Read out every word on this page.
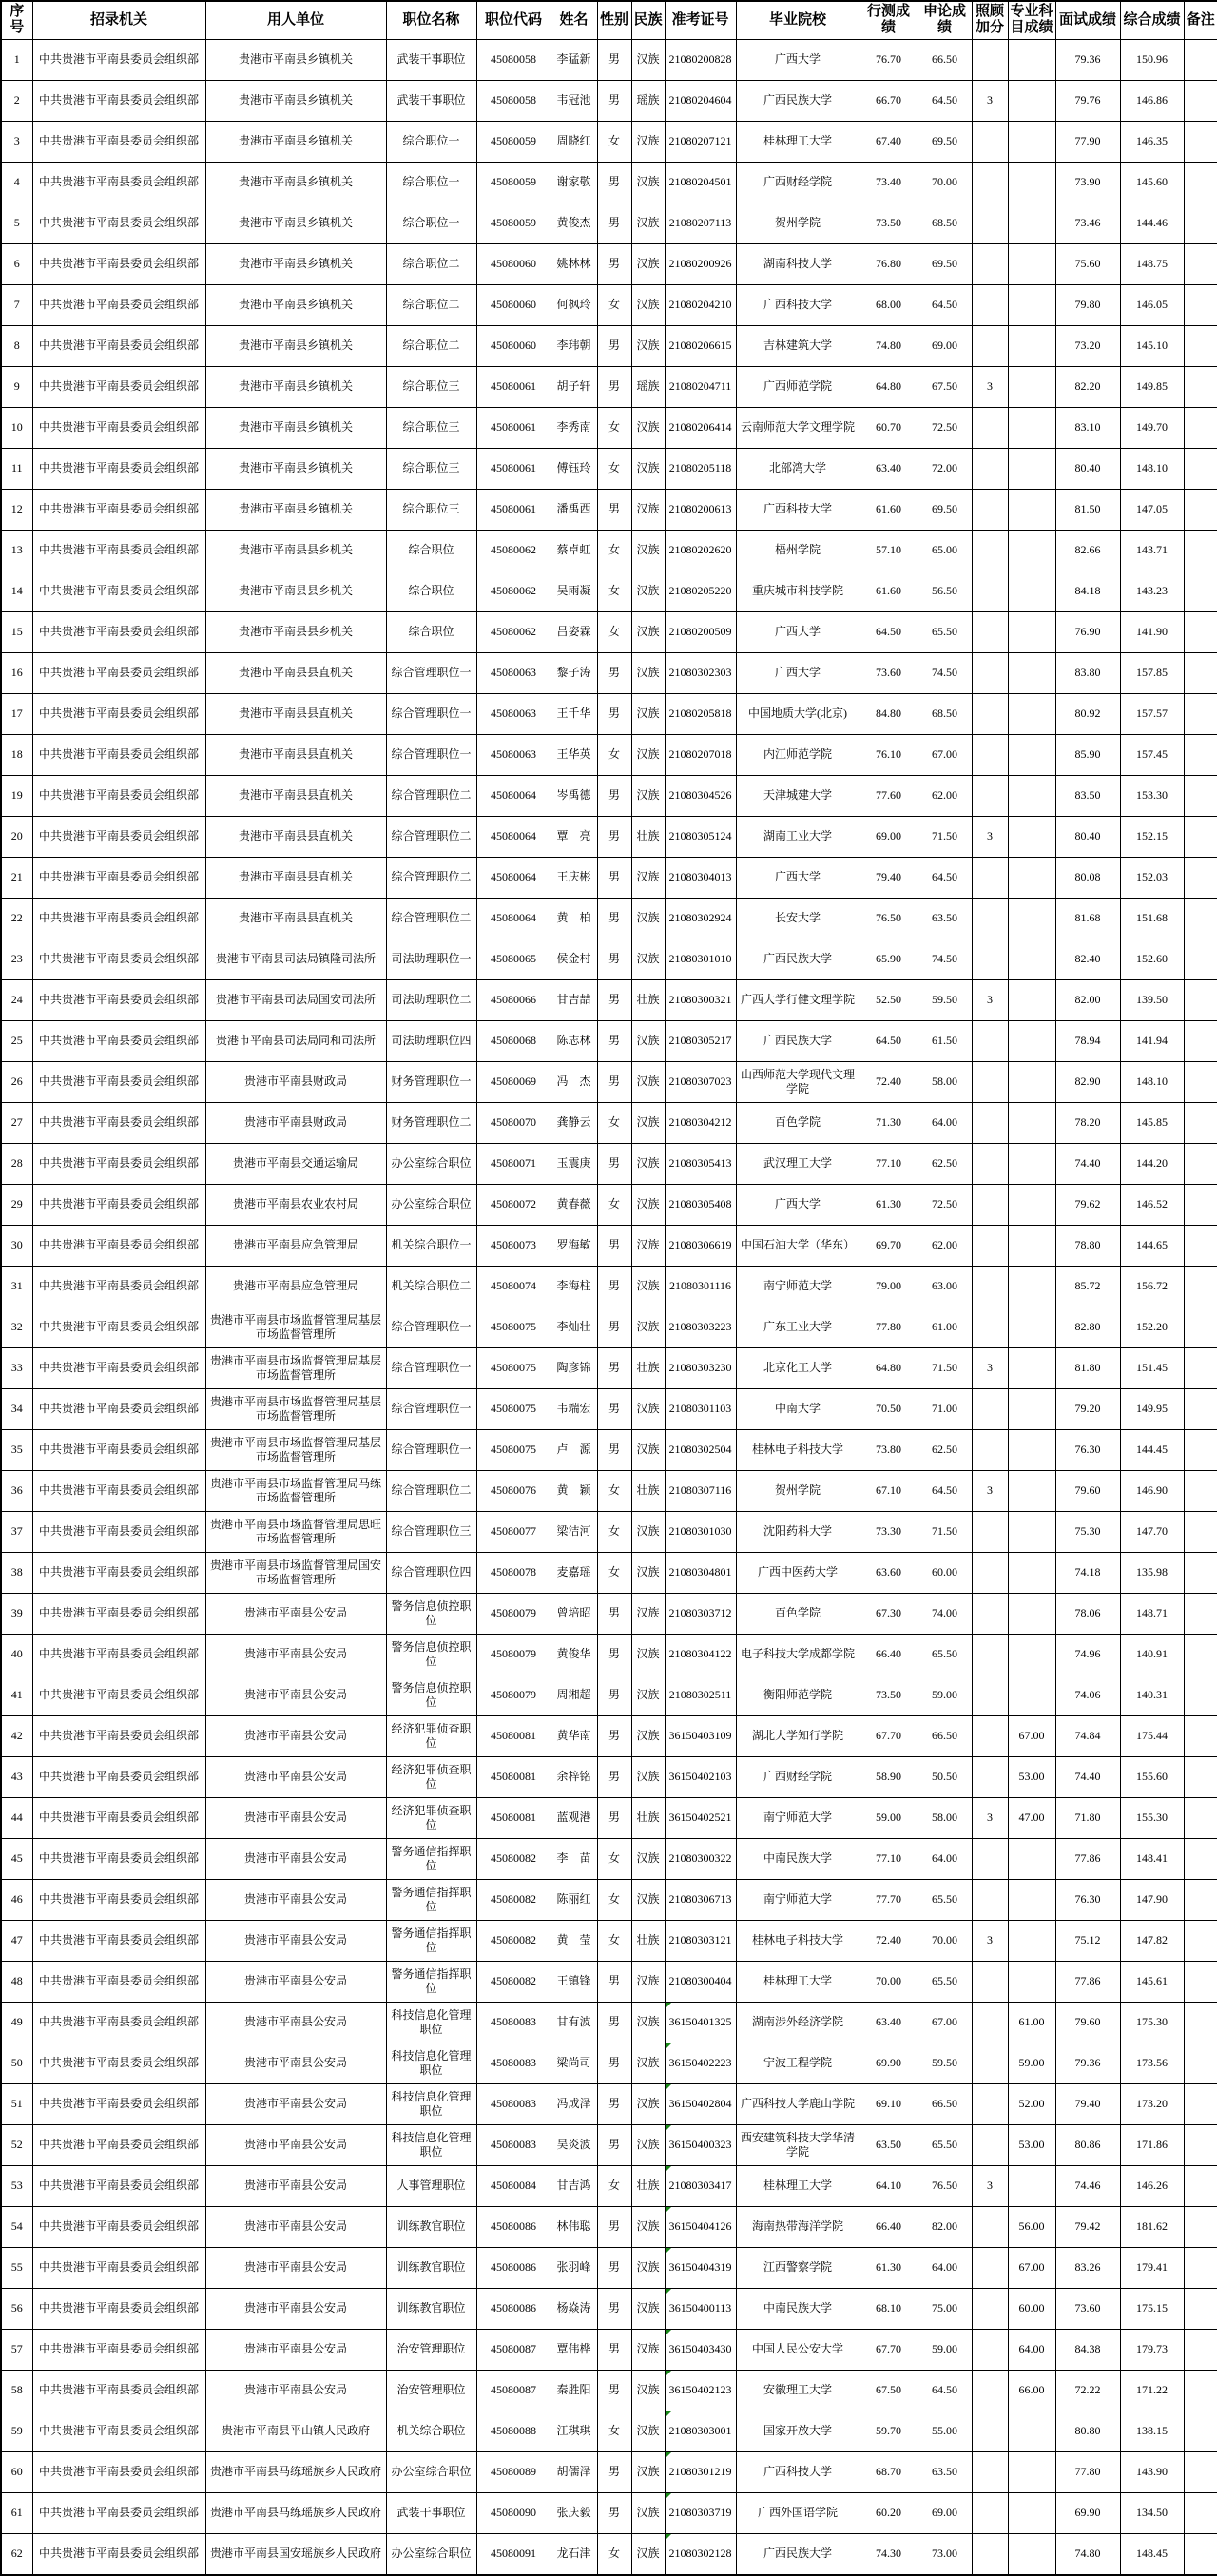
序号	招录机关	用人单位	职位名称	职位代码	姓名	性别	民族	准考证号	毕业院校	行测成绩	申论成绩	照顾加分	专业科目成绩	面试成绩	综合成绩	备注
1	中共贵港市平南县委员会组织部	贵港市平南县乡镇机关	武装干事职位	45080058	李猛新	男	汉族	21080200828	广西大学	76.70	66.50			79.36	150.96	
2	中共贵港市平南县委员会组织部	贵港市平南县乡镇机关	武装干事职位	45080058	韦冠池	男	瑶族	21080204604	广西民族大学	66.70	64.50	3		79.76	146.86	
3	中共贵港市平南县委员会组织部	贵港市平南县乡镇机关	综合职位一	45080059	周晓红	女	汉族	21080207121	桂林理工大学	67.40	69.50			77.90	146.35	
4	中共贵港市平南县委员会组织部	贵港市平南县乡镇机关	综合职位一	45080059	谢家敬	男	汉族	21080204501	广西财经学院	73.40	70.00			73.90	145.60	
5	中共贵港市平南县委员会组织部	贵港市平南县乡镇机关	综合职位一	45080059	黄俊杰	男	汉族	21080207113	贺州学院	73.50	68.50			73.46	144.46	
6	中共贵港市平南县委员会组织部	贵港市平南县乡镇机关	综合职位二	45080060	姚林林	男	汉族	21080200926	湖南科技大学	76.80	69.50			75.60	148.75	
7	中共贵港市平南县委员会组织部	贵港市平南县乡镇机关	综合职位二	45080060	何枫玲	女	汉族	21080204210	广西科技大学	68.00	64.50			79.80	146.05	
8	中共贵港市平南县委员会组织部	贵港市平南县乡镇机关	综合职位二	45080060	李玮朝	男	汉族	21080206615	吉林建筑大学	74.80	69.00			73.20	145.10	
9	中共贵港市平南县委员会组织部	贵港市平南县乡镇机关	综合职位三	45080061	胡子轩	男	瑶族	21080204711	广西师范学院	64.80	67.50	3		82.20	149.85	
10	中共贵港市平南县委员会组织部	贵港市平南县乡镇机关	综合职位三	45080061	李秀南	女	汉族	21080206414	云南师范大学文理学院	60.70	72.50			83.10	149.70	
11	中共贵港市平南县委员会组织部	贵港市平南县乡镇机关	综合职位三	45080061	傅钰玲	女	汉族	21080205118	北部湾大学	63.40	72.00			80.40	148.10	
12	中共贵港市平南县委员会组织部	贵港市平南县乡镇机关	综合职位三	45080061	潘禹西	男	汉族	21080200613	广西科技大学	61.60	69.50			81.50	147.05	
13	中共贵港市平南县委员会组织部	贵港市平南县县乡机关	综合职位	45080062	蔡卓虹	女	汉族	21080202620	梧州学院	57.10	65.00			82.66	143.71	
14	中共贵港市平南县委员会组织部	贵港市平南县县乡机关	综合职位	45080062	吴雨凝	女	汉族	21080205220	重庆城市科技学院	61.60	56.50			84.18	143.23	
15	中共贵港市平南县委员会组织部	贵港市平南县县乡机关	综合职位	45080062	吕姿霖	女	汉族	21080200509	广西大学	64.50	65.50			76.90	141.90	
16	中共贵港市平南县委员会组织部	贵港市平南县县直机关	综合管理职位一	45080063	黎子涛	男	汉族	21080302303	广西大学	73.60	74.50			83.80	157.85	
17	中共贵港市平南县委员会组织部	贵港市平南县县直机关	综合管理职位一	45080063	王千华	男	汉族	21080205818	中国地质大学(北京)	84.80	68.50			80.92	157.57	
18	中共贵港市平南县委员会组织部	贵港市平南县县直机关	综合管理职位一	45080063	王华英	女	汉族	21080207018	内江师范学院	76.10	67.00			85.90	157.45	
19	中共贵港市平南县委员会组织部	贵港市平南县县直机关	综合管理职位二	45080064	岑禹德	男	汉族	21080304526	天津城建大学	77.60	62.00			83.50	153.30	
20	中共贵港市平南县委员会组织部	贵港市平南县县直机关	综合管理职位二	45080064	覃　亮	男	壮族	21080305124	湖南工业大学	69.00	71.50	3		80.40	152.15	
21	中共贵港市平南县委员会组织部	贵港市平南县县直机关	综合管理职位二	45080064	王庆彬	男	汉族	21080304013	广西大学	79.40	64.50			80.08	152.03	
22	中共贵港市平南县委员会组织部	贵港市平南县县直机关	综合管理职位二	45080064	黄　柏	男	汉族	21080302924	长安大学	76.50	63.50			81.68	151.68	
23	中共贵港市平南县委员会组织部	贵港市平南县司法局镇隆司法所	司法助理职位一	45080065	侯金村	男	汉族	21080301010	广西民族大学	65.90	74.50			82.40	152.60	
24	中共贵港市平南县委员会组织部	贵港市平南县司法局国安司法所	司法助理职位二	45080066	甘吉喆	男	壮族	21080300321	广西大学行健文理学院	52.50	59.50	3		82.00	139.50	
25	中共贵港市平南县委员会组织部	贵港市平南县司法局同和司法所	司法助理职位四	45080068	陈志林	男	汉族	21080305217	广西民族大学	64.50	61.50			78.94	141.94	
26	中共贵港市平南县委员会组织部	贵港市平南县财政局	财务管理职位一	45080069	冯　杰	男	汉族	21080307023	山西师范大学现代文理学院	72.40	58.00			82.90	148.10	
27	中共贵港市平南县委员会组织部	贵港市平南县财政局	财务管理职位二	45080070	龚静云	女	汉族	21080304212	百色学院	71.30	64.00			78.20	145.85	
28	中共贵港市平南县委员会组织部	贵港市平南县交通运输局	办公室综合职位	45080071	玉震庚	男	汉族	21080305413	武汉理工大学	77.10	62.50			74.40	144.20	
29	中共贵港市平南县委员会组织部	贵港市平南县农业农村局	办公室综合职位	45080072	黄春薇	女	汉族	21080305408	广西大学	61.30	72.50			79.62	146.52	
30	中共贵港市平南县委员会组织部	贵港市平南县应急管理局	机关综合职位一	45080073	罗海敏	男	汉族	21080306619	中国石油大学（华东）	69.70	62.00			78.80	144.65	
31	中共贵港市平南县委员会组织部	贵港市平南县应急管理局	机关综合职位二	45080074	李海柱	男	汉族	21080301116	南宁师范大学	79.00	63.00			85.72	156.72	
32	中共贵港市平南县委员会组织部	贵港市平南县市场监督管理局基层市场监督管理所	综合管理职位一	45080075	李灿壮	男	汉族	21080303223	广东工业大学	77.80	61.00			82.80	152.20	
33	中共贵港市平南县委员会组织部	贵港市平南县市场监督管理局基层市场监督管理所	综合管理职位一	45080075	陶彦锦	男	壮族	21080303230	北京化工大学	64.80	71.50	3		81.80	151.45	
34	中共贵港市平南县委员会组织部	贵港市平南县市场监督管理局基层市场监督管理所	综合管理职位一	45080075	韦端宏	男	汉族	21080301103	中南大学	70.50	71.00			79.20	149.95	
35	中共贵港市平南县委员会组织部	贵港市平南县市场监督管理局基层市场监督管理所	综合管理职位一	45080075	卢　源	男	汉族	21080302504	桂林电子科技大学	73.80	62.50			76.30	144.45	
36	中共贵港市平南县委员会组织部	贵港市平南县市场监督管理局马练市场监督管理所	综合管理职位二	45080076	黄　颖	女	壮族	21080307116	贺州学院	67.10	64.50	3		79.60	146.90	
37	中共贵港市平南县委员会组织部	贵港市平南县市场监督管理局思旺市场监督管理所	综合管理职位三	45080077	梁洁河	女	汉族	21080301030	沈阳药科大学	73.30	71.50			75.30	147.70	
38	中共贵港市平南县委员会组织部	贵港市平南县市场监督管理局国安市场监督管理所	综合管理职位四	45080078	麦嘉瑶	女	汉族	21080304801	广西中医药大学	63.60	60.00			74.18	135.98	
39	中共贵港市平南县委员会组织部	贵港市平南县公安局	警务信息侦控职位	45080079	曾培昭	男	汉族	21080303712	百色学院	67.30	74.00			78.06	148.71	
40	中共贵港市平南县委员会组织部	贵港市平南县公安局	警务信息侦控职位	45080079	黄俊华	男	汉族	21080304122	电子科技大学成都学院	66.40	65.50			74.96	140.91	
41	中共贵港市平南县委员会组织部	贵港市平南县公安局	警务信息侦控职位	45080079	周湘超	男	汉族	21080302511	衡阳师范学院	73.50	59.00			74.06	140.31	
42	中共贵港市平南县委员会组织部	贵港市平南县公安局	经济犯罪侦查职位	45080081	黄华南	男	汉族	36150403109	湖北大学知行学院	67.70	66.50		67.00	74.84	175.44	
43	中共贵港市平南县委员会组织部	贵港市平南县公安局	经济犯罪侦查职位	45080081	余梓铭	男	汉族	36150402103	广西财经学院	58.90	50.50		53.00	74.40	155.60	
44	中共贵港市平南县委员会组织部	贵港市平南县公安局	经济犯罪侦查职位	45080081	蓝观港	男	壮族	36150402521	南宁师范大学	59.00	58.00	3	47.00	71.80	155.30	
45	中共贵港市平南县委员会组织部	贵港市平南县公安局	警务通信指挥职位	45080082	李　苗	女	汉族	21080300322	中南民族大学	77.10	64.00			77.86	148.41	
46	中共贵港市平南县委员会组织部	贵港市平南县公安局	警务通信指挥职位	45080082	陈丽红	女	汉族	21080306713	南宁师范大学	77.70	65.50			76.30	147.90	
47	中共贵港市平南县委员会组织部	贵港市平南县公安局	警务通信指挥职位	45080082	黄　莹	女	壮族	21080303121	桂林电子科技大学	72.40	70.00	3		75.12	147.82	
48	中共贵港市平南县委员会组织部	贵港市平南县公安局	警务通信指挥职位	45080082	王镇锋	男	汉族	21080300404	桂林理工大学	70.00	65.50			77.86	145.61	
49	中共贵港市平南县委员会组织部	贵港市平南县公安局	科技信息化管理职位	45080083	甘有波	男	汉族	36150401325	湖南涉外经济学院	63.40	67.00		61.00	79.60	175.30	
50	中共贵港市平南县委员会组织部	贵港市平南县公安局	科技信息化管理职位	45080083	梁尚司	男	汉族	36150402223	宁波工程学院	69.90	59.50		59.00	79.36	173.56	
51	中共贵港市平南县委员会组织部	贵港市平南县公安局	科技信息化管理职位	45080083	冯成泽	男	汉族	36150402804	广西科技大学鹿山学院	69.10	66.50		52.00	79.40	173.20	
52	中共贵港市平南县委员会组织部	贵港市平南县公安局	科技信息化管理职位	45080083	吴炎波	男	汉族	36150400323	西安建筑科技大学华清学院	63.50	65.50		53.00	80.86	171.86	
53	中共贵港市平南县委员会组织部	贵港市平南县公安局	人事管理职位	45080084	甘吉鸿	女	壮族	21080303417	桂林理工大学	64.10	76.50	3		74.46	146.26	
54	中共贵港市平南县委员会组织部	贵港市平南县公安局	训练教官职位	45080086	林伟聪	男	汉族	36150404126	海南热带海洋学院	66.40	82.00		56.00	79.42	181.62	
55	中共贵港市平南县委员会组织部	贵港市平南县公安局	训练教官职位	45080086	张羽峰	男	汉族	36150404319	江西警察学院	61.30	64.00		67.00	83.26	179.41	
56	中共贵港市平南县委员会组织部	贵港市平南县公安局	训练教官职位	45080086	杨焱涛	男	汉族	36150400113	中南民族大学	68.10	75.00		60.00	73.60	175.15	
57	中共贵港市平南县委员会组织部	贵港市平南县公安局	治安管理职位	45080087	覃伟桦	男	汉族	36150403430	中国人民公安大学	67.70	59.00		64.00	84.38	179.73	
58	中共贵港市平南县委员会组织部	贵港市平南县公安局	治安管理职位	45080087	秦胜阳	男	汉族	36150402123	安徽理工大学	67.50	64.50		66.00	72.22	171.22	
59	中共贵港市平南县委员会组织部	贵港市平南县平山镇人民政府	机关综合职位	45080088	江琪琪	女	汉族	21080303001	国家开放大学	59.70	55.00			80.80	138.15	
60	中共贵港市平南县委员会组织部	贵港市平南县马练瑶族乡人民政府	办公室综合职位	45080089	胡儒泽	男	汉族	21080301219	广西科技大学	68.70	63.50			77.80	143.90	
61	中共贵港市平南县委员会组织部	贵港市平南县马练瑶族乡人民政府	武装干事职位	45080090	张庆毅	男	汉族	21080303719	广西外国语学院	60.20	69.00			69.90	134.50	
62	中共贵港市平南县委员会组织部	贵港市平南县国安瑶族乡人民政府	办公室综合职位	45080091	龙石津	女	汉族	21080302128	广西民族大学	74.30	73.00			74.80	148.45	
